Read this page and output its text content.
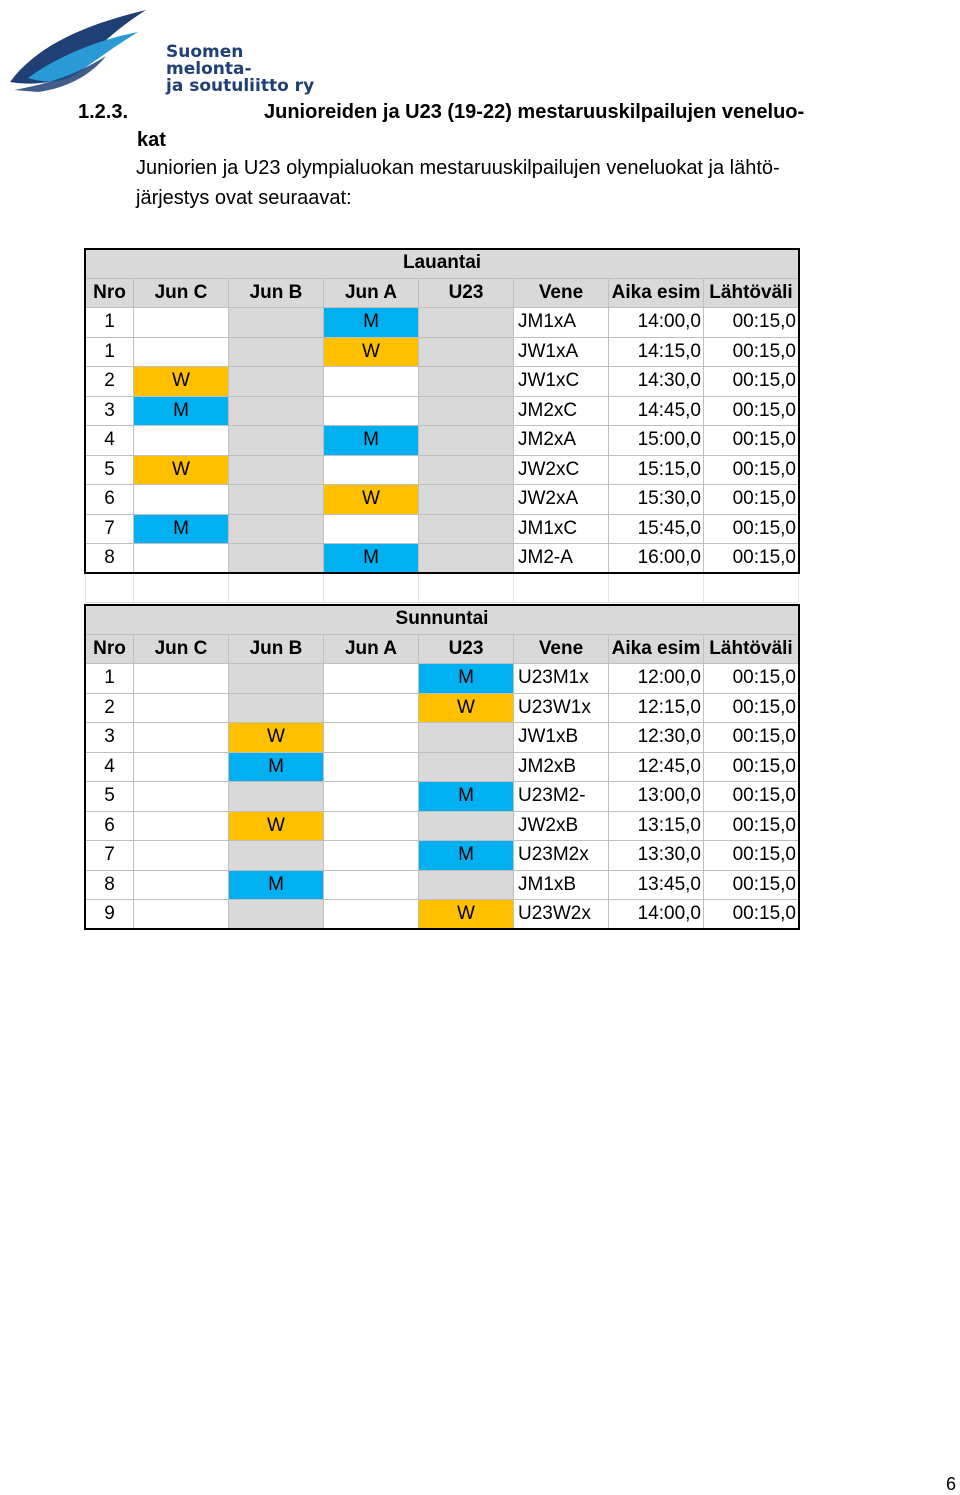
Suomen
melonta-
ja soutuliitto ry
1.2.3.	Junioreiden ja U23 (19-22) mestaruuskilpailujen veneluo-
kat
Juniorien ja U23 olympialuokan mestaruuskilpailujen veneluokat ja lähtö-
järjestys ovat seuraavat:
Lauantai							
Nro	Jun C	Jun B	Jun A	U23	Vene	Aika esim	Lähtöväli
1			M		JM1xA	14:00,0	00:15,0
1			W		JW1xA	14:15,0	00:15,0
2	W				JW1xC	14:30,0	00:15,0
3	M				JM2xC	14:45,0	00:15,0
4			M		JM2xA	15:00,0	00:15,0
5	W				JW2xC	15:15,0	00:15,0
6			W		JW2xA	15:30,0	00:15,0
7	M				JM1xC	15:45,0	00:15,0
8			M		JM2-A	16:00,0	00:15,0

Sunnuntai							
Nro	Jun C	Jun B	Jun A	U23	Vene	Aika esim	Lähtöväli
1				M	U23M1x	12:00,0	00:15,0
2				W	U23W1x	12:15,0	00:15,0
3		W			JW1xB	12:30,0	00:15,0
4		M			JM2xB	12:45,0	00:15,0
5				M	U23M2-	13:00,0	00:15,0
6		W			JW2xB	13:15,0	00:15,0
7				M	U23M2x	13:30,0	00:15,0
8		M			JM1xB	13:45,0	00:15,0
9				W	U23W2x	14:00,0	00:15,0
6
